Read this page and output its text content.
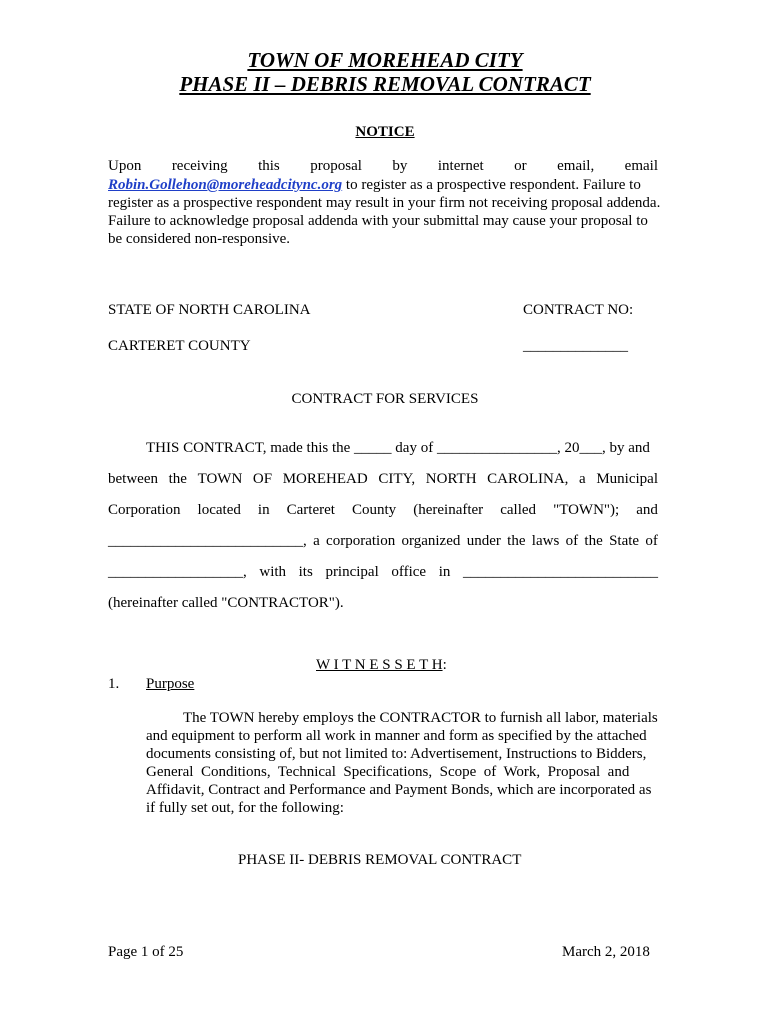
TOWN OF MOREHEAD CITY
PHASE II – DEBRIS REMOVAL CONTRACT
NOTICE
Upon receiving this proposal by internet or email, email
Robin.Gollehon@moreheadcitync.org to register as a prospective respondent. Failure to
register as a prospective respondent may result in your firm not receiving proposal addenda.
Failure to acknowledge proposal addenda with your submittal may cause your proposal to
be considered non-responsive.
STATE OF NORTH CAROLINA	CONTRACT NO:
CARTERET COUNTY	______________
CONTRACT FOR SERVICES
THIS CONTRACT, made this the _____ day of ________________, 20___, by and
between the TOWN OF MOREHEAD CITY, NORTH CAROLINA, a Municipal
Corporation located in Carteret County (hereinafter called "TOWN"); and
__________________________, a corporation organized under the laws of the State of
__________________, with its principal office in __________________________
(hereinafter called "CONTRACTOR").
W I T N E S S E T H:
1. Purpose
The TOWN hereby employs the CONTRACTOR to furnish all labor, materials
and equipment to perform all work in manner and form as specified by the attached
documents consisting of, but not limited to: Advertisement, Instructions to Bidders,
General  Conditions,  Technical  Specifications,  Scope  of  Work,  Proposal  and
Affidavit, Contract and Performance and Payment Bonds, which are incorporated as
if fully set out, for the following:
PHASE II- DEBRIS REMOVAL CONTRACT
Page 1 of 25	March 2, 2018
